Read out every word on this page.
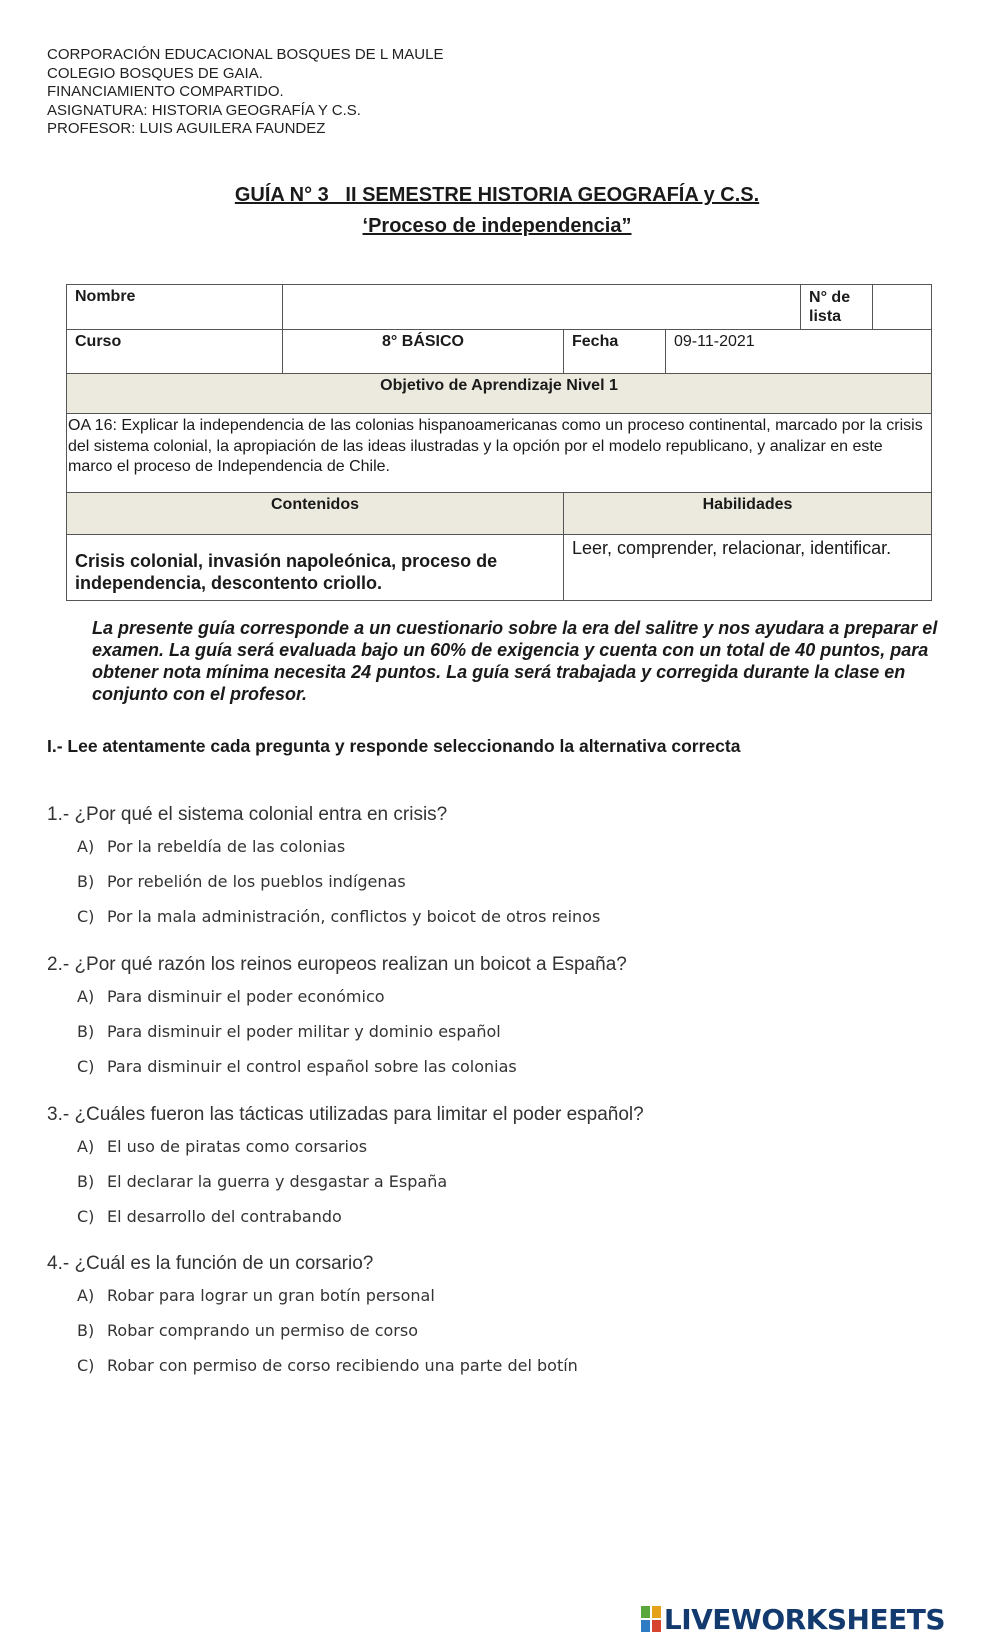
CORPORACIÓN EDUCACIONAL BOSQUES DE L MAULE
COLEGIO BOSQUES DE GAIA.
FINANCIAMIENTO COMPARTIDO.
ASIGNATURA: HISTORIA GEOGRAFÍA Y C.S.
PROFESOR: LUIS AGUILERA FAUNDEZ
GUÍA N° 3   II SEMESTRE HISTORIA GEOGRAFÍA y C.S.
‘Proceso de independencia”
Nombre				N° de lista	
Curso	8° BÁSICO	Fecha	09-11-2021		
Objetivo de Aprendizaje Nivel 1					
OA 16: Explicar la independencia de las colonias hispanoamericanas como un proceso continental, marcado por la crisis del sistema colonial, la apropiación de las ideas ilustradas y la opción por el modelo republicano, y analizar en este marco el proceso de Independencia de Chile.					
Contenidos		Habilidades			
Crisis colonial, invasión napoleónica, proceso de independencia, descontento criollo.		Leer, comprender, relacionar, identificar.			
La presente guía corresponde a un cuestionario sobre la era del salitre y nos ayudara a preparar el examen. La guía será evaluada bajo un 60% de exigencia y cuenta con un total de 40 puntos, para obtener nota mínima necesita 24 puntos. La guía será trabajada y corregida durante la clase en conjunto con el profesor.
I.- Lee atentamente cada pregunta y responde seleccionando la alternativa correcta
1.- ¿Por qué el sistema colonial entra en crisis?
A) Por la rebeldía de las colonias
B) Por rebelión de los pueblos indígenas
C) Por la mala administración, conflictos y boicot de otros reinos
2.- ¿Por qué razón los reinos europeos realizan un boicot a España?
A) Para disminuir el poder económico
B) Para disminuir el poder militar y dominio español
C) Para disminuir el control español sobre las colonias
3.- ¿Cuáles fueron las tácticas utilizadas para limitar el poder español?
A) El uso de piratas como corsarios
B) El declarar la guerra y desgastar a España
C) El desarrollo del contrabando
4.- ¿Cuál es la función de un corsario?
A) Robar para lograr un gran botín personal
B) Robar comprando un permiso de corso
C) Robar con permiso de corso recibiendo una parte del botín
LIVEWORKSHEETS
